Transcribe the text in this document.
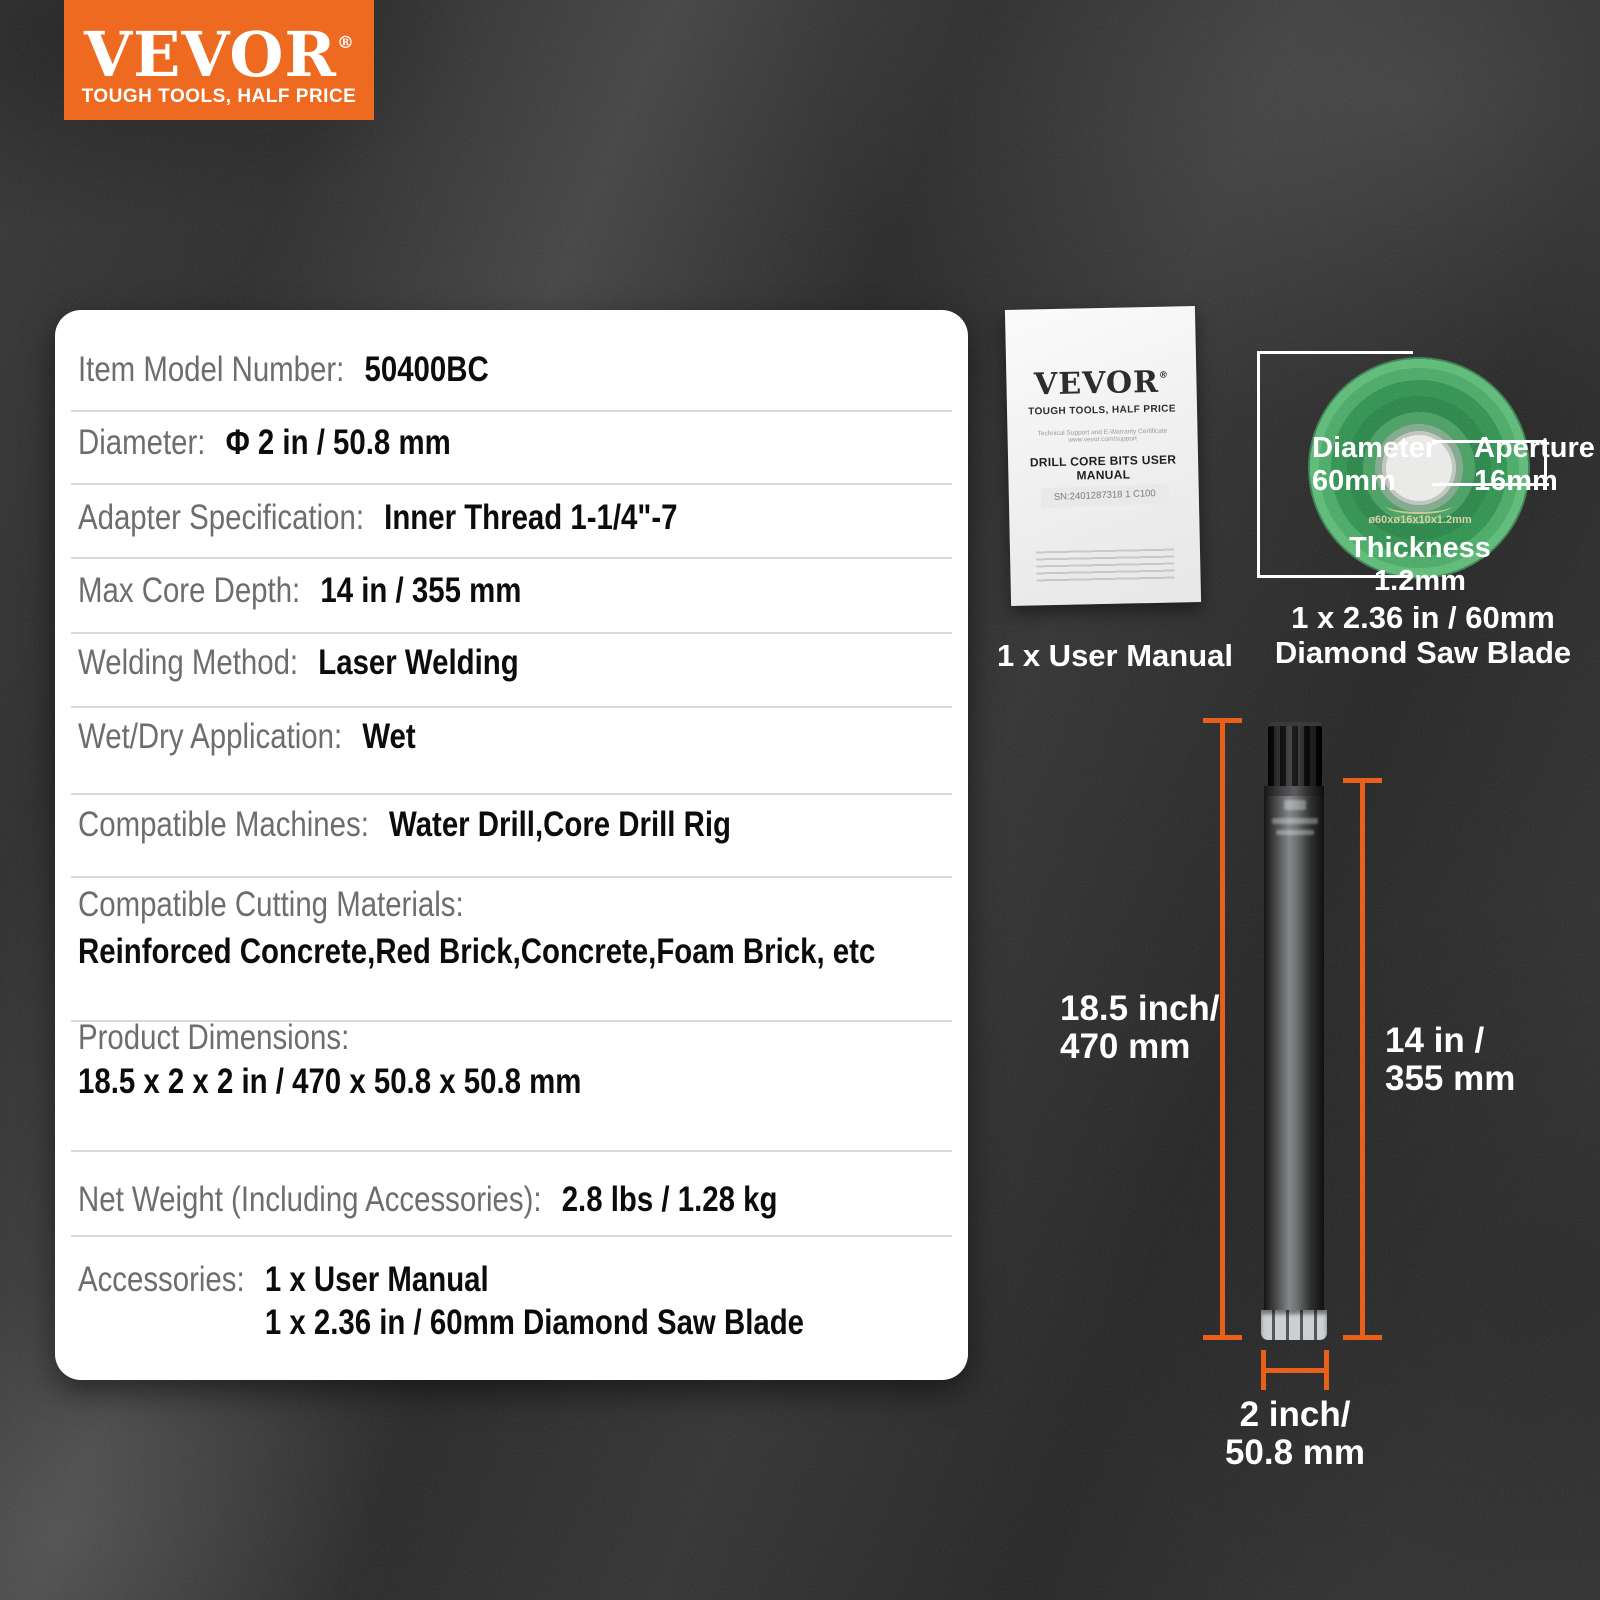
VEVOR®
TOUGH TOOLS, HALF PRICE
Item Model Number: 50400BC
Diameter: Φ 2 in / 50.8 mm
Adapter Specification: Inner Thread 1-1/4"-7
Max Core Depth: 14 in / 355 mm
Welding Method: Laser Welding
Wet/Dry Application: Wet
Compatible Machines: Water Drill,Core Drill Rig
Compatible Cutting Materials:
Reinforced Concrete,Red Brick,Concrete,Foam Brick, etc
Product Dimensions:
18.5 x 2 x 2 in / 470 x 50.8 x 50.8 mm
Net Weight (Including Accessories): 2.8 lbs / 1.28 kg
Accessories: 1 x User Manual
1 x 2.36 in / 60mm Diamond Saw Blade
VEVOR®
TOUGH TOOLS, HALF PRICE
Technical Support and E-Warranty Certificate www.vevor.com/support
DRILL CORE BITS USER MANUAL
SN:2401287318 1 C100
1 x User Manual
Diameter
60mm
Aperture
16mm
ø60xø16x10x1.2mm
Thickness
1.2mm
1 x 2.36 in / 60mm
Diamond Saw Blade
18.5 inch/
470 mm	14 in /
355 mm
2 inch/
50.8 mm
